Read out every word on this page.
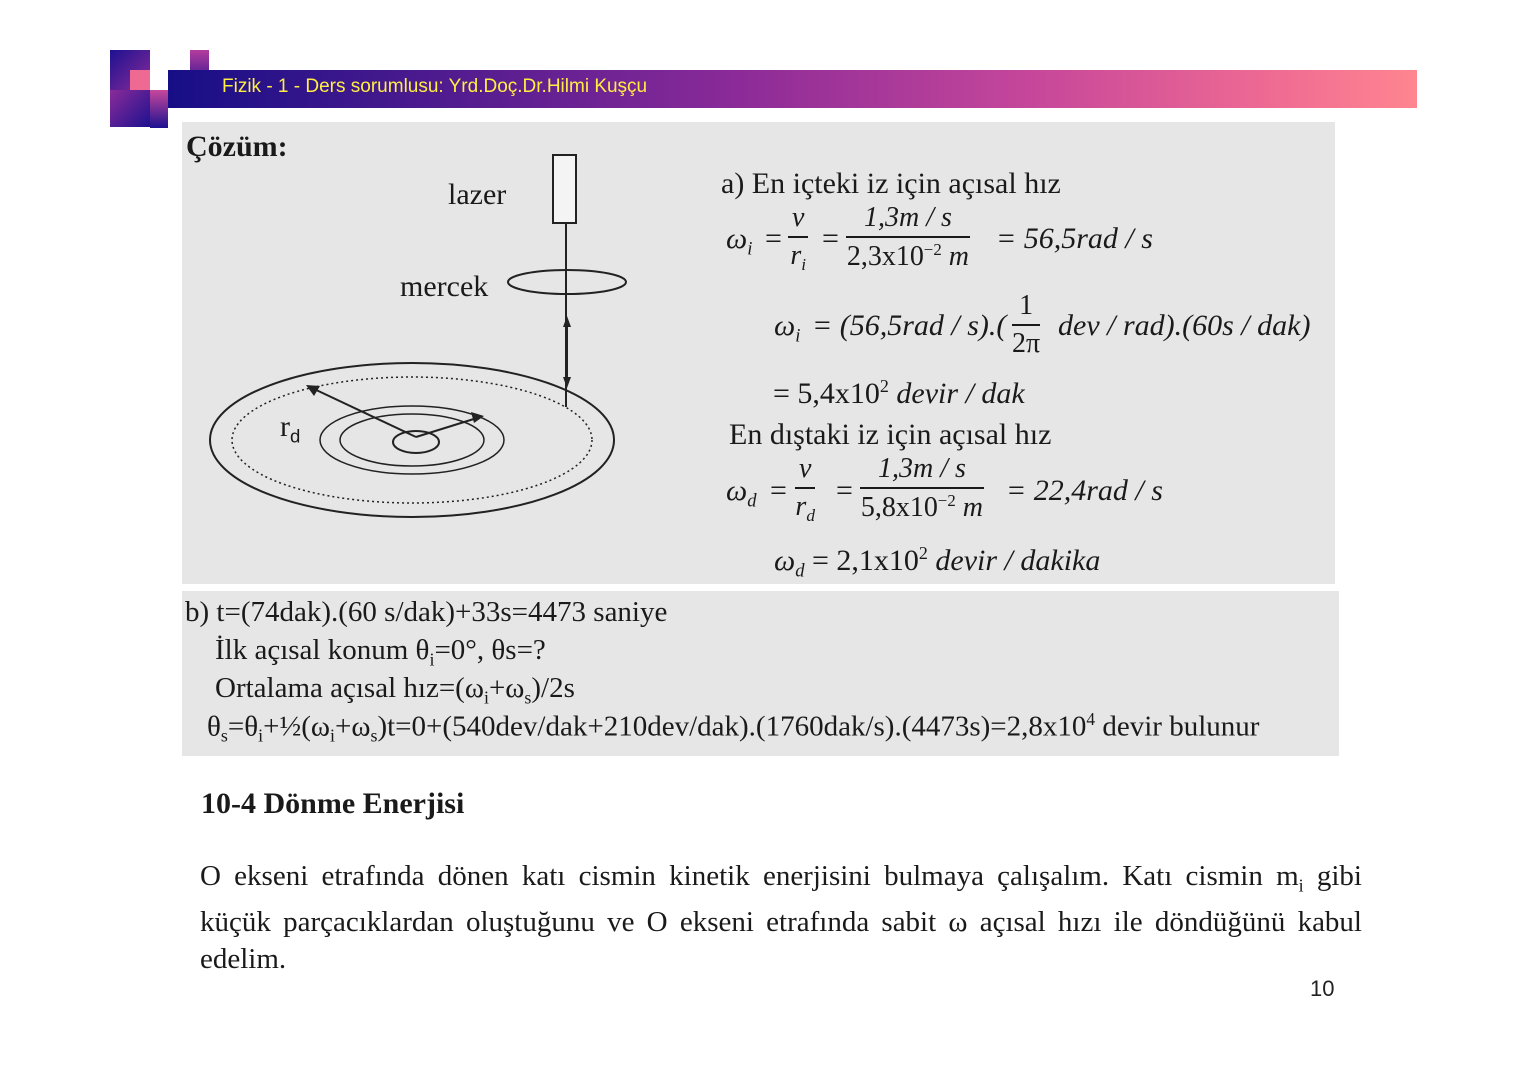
Fizik - 1 - Ders sorumlusu: Yrd.Doç.Dr.Hilmi Kuşçu
Çözüm:
lazer
mercek
$r_d$
a) En içteki iz için açısal hız
$\omega_i = \frac{v}{r_i} = \frac{1,3m / s}{2,3x10^{-2} m} = 56,5rad / s$
$\omega_i = (56,5rad / s).( \frac{1}{2\pi}$ dev / rad).(60s / dak)
= $5,4x10^2$ devir / dak
En dıştaki iz için açısal hız
$\omega_d = \frac{v}{r_d} = \frac{1,3m / s}{5,8x10^{-2} m} = 22,4rad / s$
$\omega_d = 2,1x10^2$ devir / dakika
b) t=(74dak).(60 s/dak)+33s=4473 saniye
İlk açısal konum $\theta_i=0^\circ$, θs=?
Ortalama açısal $hız=(\omega_i+\omega_s)/2s$
$\theta_s=\theta_i+\frac{1}{2}(\omega_i+\omega_s)t=0+(540dev/dak+210dev/dak).(1760dak/s).(4473s)=2,8x10^4$ devir bulunur
10-4 Dönme Enerjisi
O ekseni etrafında dönen katı cismin kinetik enerjisini bulmaya çalışalım. Katı cismin $m_i$ gibi küçük parçacıklardan oluştuğunu ve O ekseni etrafında sabit ω açısal hızı ile döndüğünü kabul edelim.
10
